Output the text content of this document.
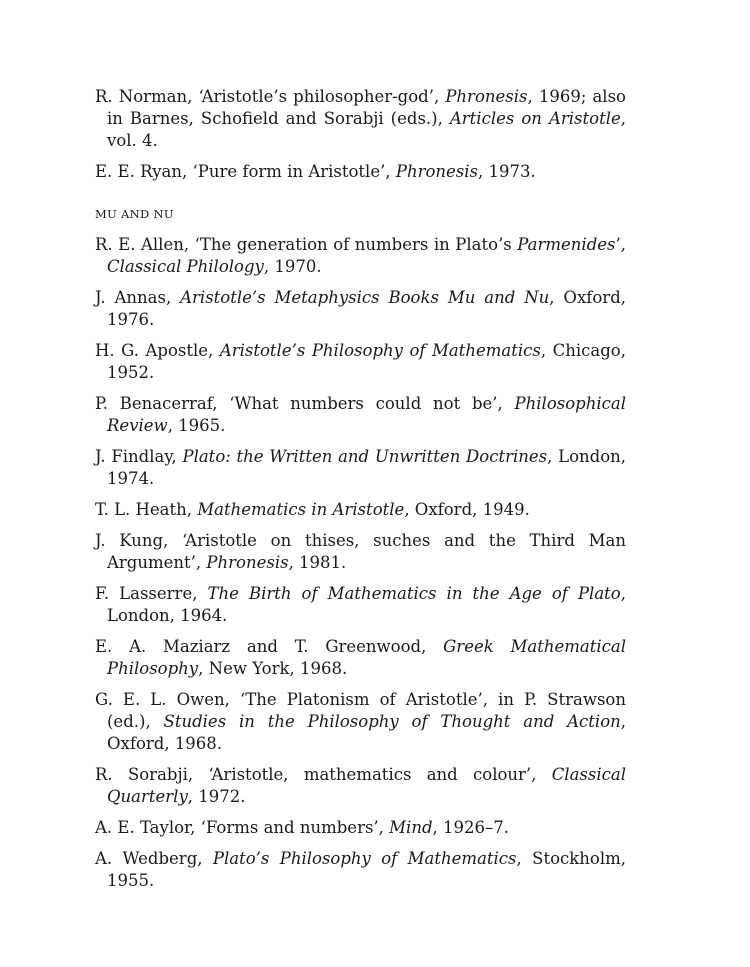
R. Norman, ‘Aristotle’s philosopher-god’, Phronesis, 1969; also in Barnes, Schofield and Sorabji (eds.), Articles on Aristotle, vol. 4.

E. E. Ryan, ‘Pure form in Aristotle’, Phronesis, 1973.

MU AND NU

R. E. Allen, ‘The generation of numbers in Plato’s Parmenides’, Classical Philology, 1970.

J. Annas, Aristotle’s Metaphysics Books Mu and Nu, Oxford, 1976.

H. G. Apostle, Aristotle’s Philosophy of Mathematics, Chicago, 1952.

P. Benacerraf, ‘What numbers could not be’, Philosophical Review, 1965.

J. Findlay, Plato: the Written and Unwritten Doctrines, London, 1974.

T. L. Heath, Mathematics in Aristotle, Oxford, 1949.

J. Kung, ‘Aristotle on thises, suches and the Third Man Argument’, Phronesis, 1981.

F. Lasserre, The Birth of Mathematics in the Age of Plato, London, 1964.

E. A. Maziarz and T. Greenwood, Greek Mathematical Philosophy, New York, 1968.

G. E. L. Owen, ‘The Platonism of Aristotle’, in P. Strawson (ed.), Studies in the Philosophy of Thought and Action, Oxford, 1968.

R. Sorabji, ‘Aristotle, mathematics and colour’, Classical Quarterly, 1972.

A. E. Taylor, ‘Forms and numbers’, Mind, 1926–7.

A. Wedberg, Plato’s Philosophy of Mathematics, Stockholm, 1955.
